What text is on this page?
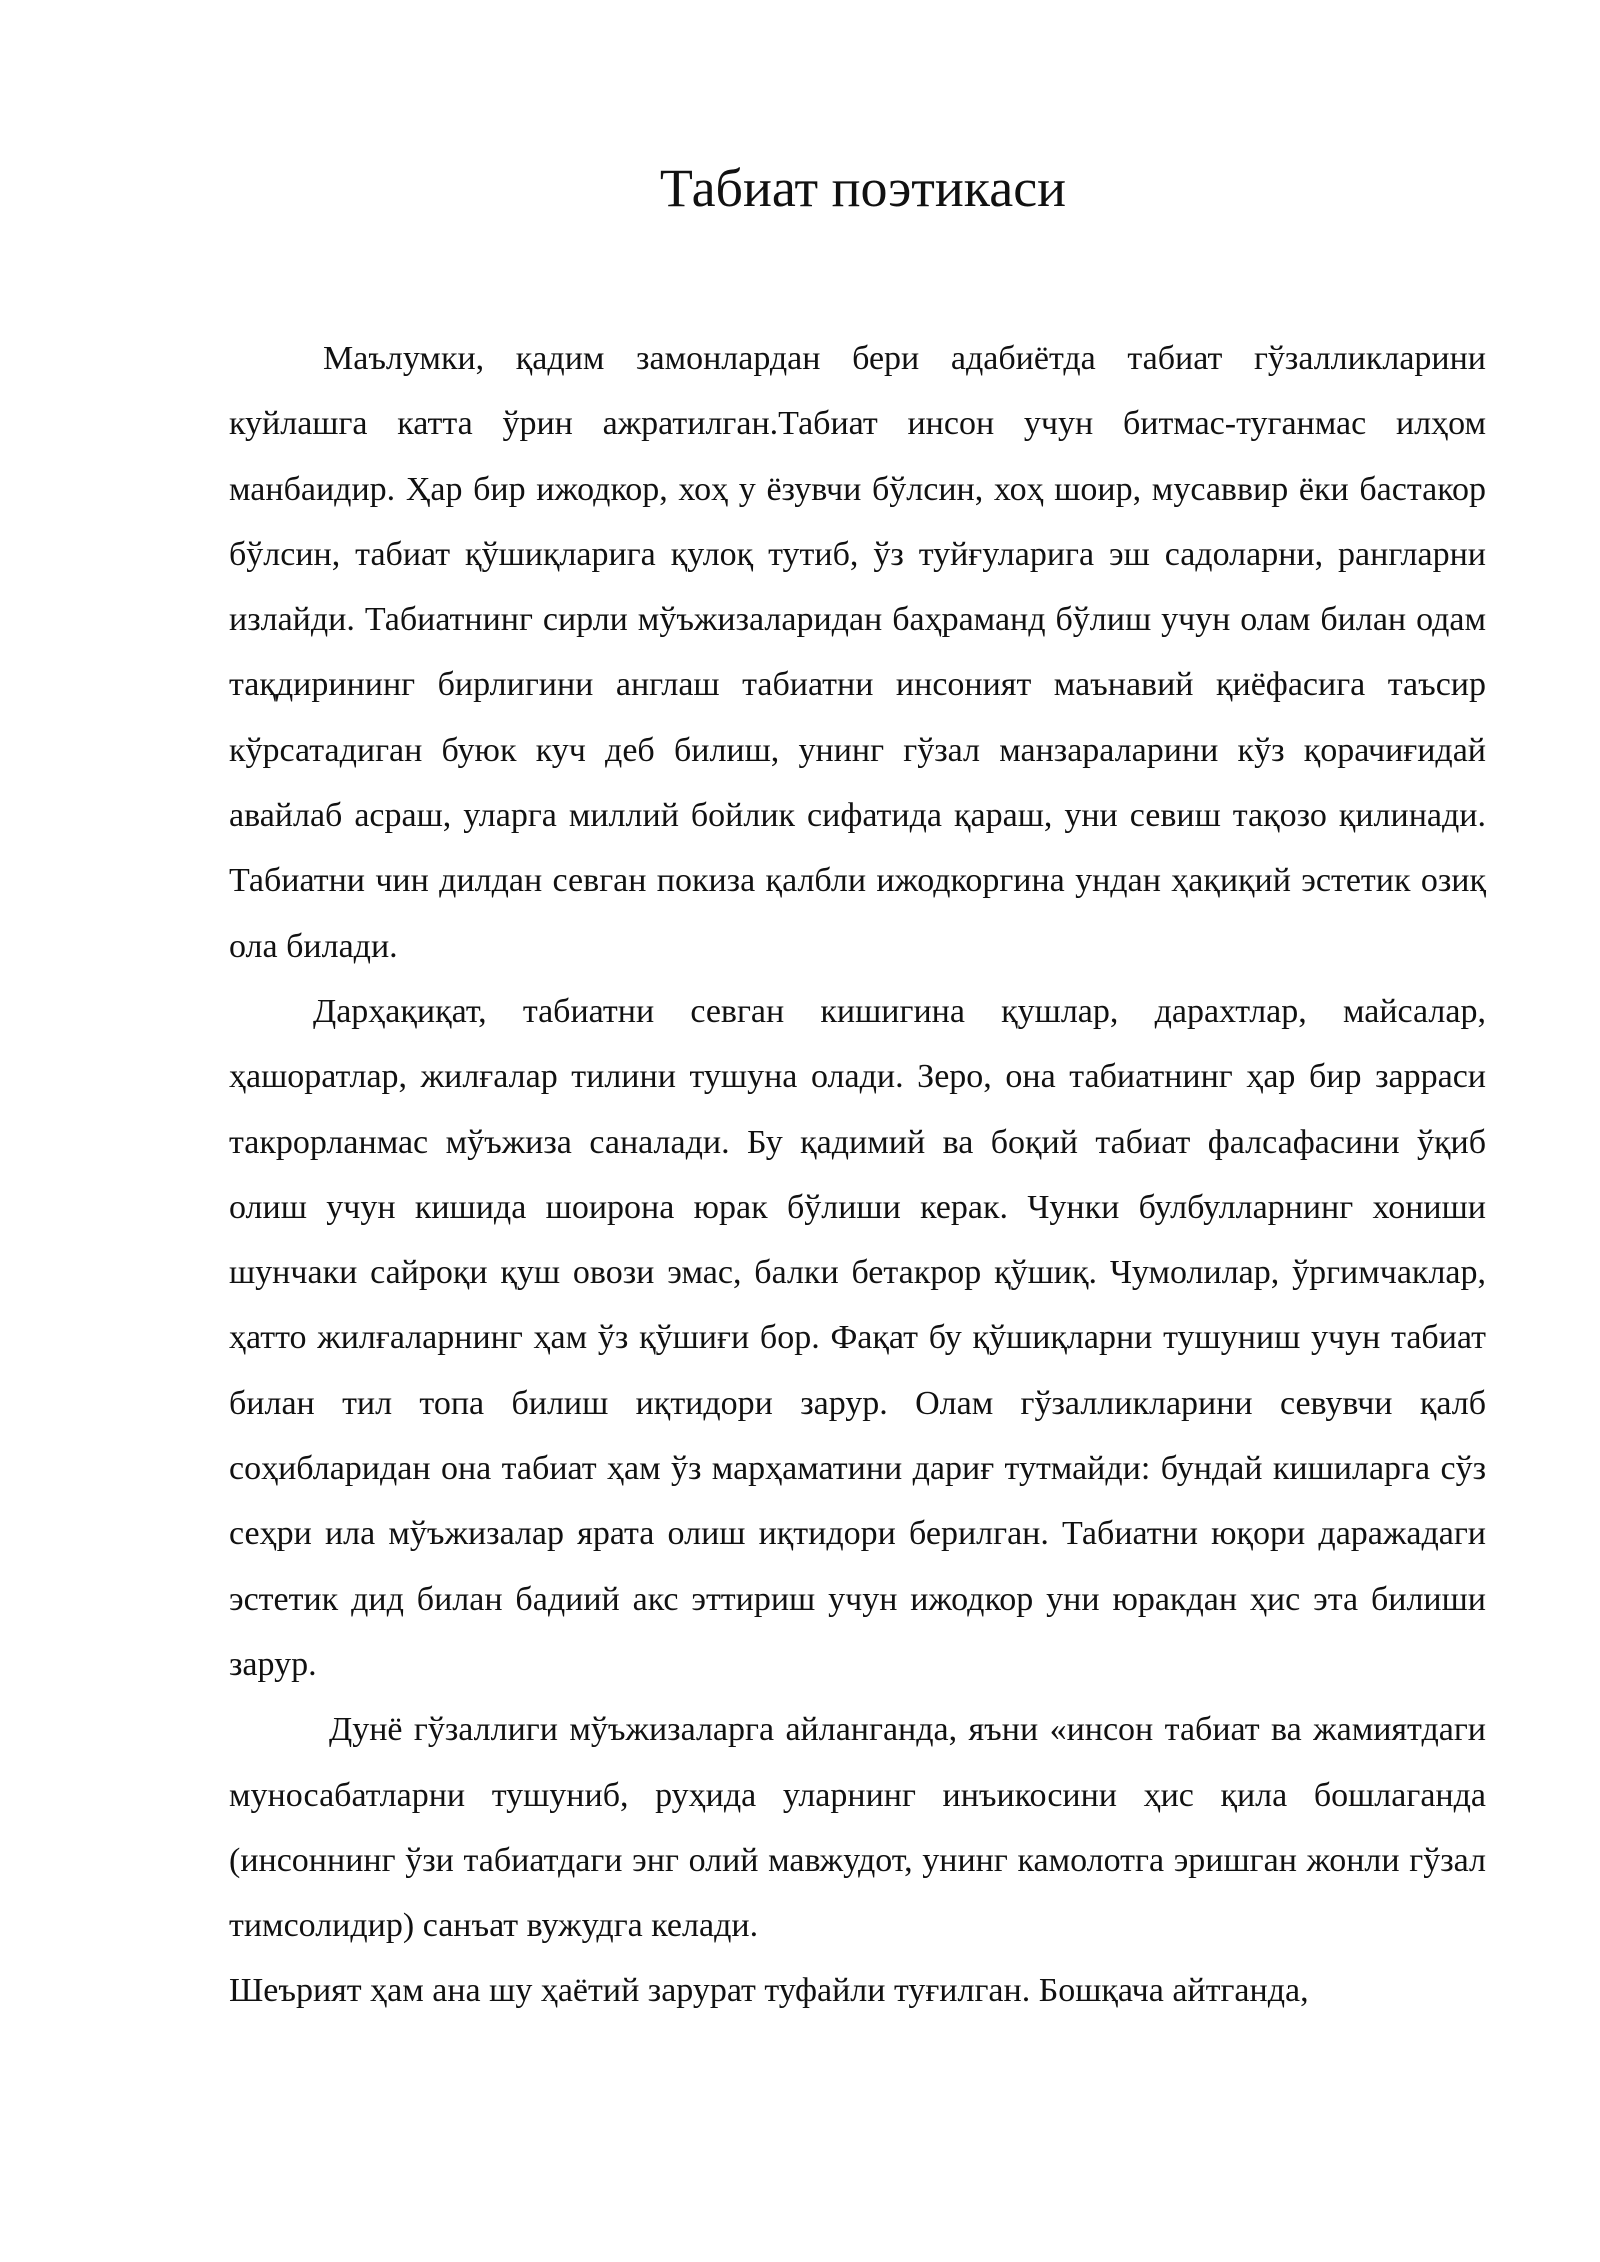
Табиат поэтикаси

Маълумки, қадим замонлардан бери адабиётда табиат гўзалликларини куйлашга катта ўрин ажратилган.Табиат инсон учун битмас-туганмас илҳом манбаидир. Ҳар бир ижодкор, хоҳ у ёзувчи бўлсин, хоҳ шоир, мусаввир ёки бастакор бўлсин, табиат қўшиқларига қулоқ тутиб, ўз туйғуларига эш садоларни, рангларни излайди. Табиатнинг сирли мўъжизаларидан баҳраманд бўлиш учун олам билан одам тақдирининг бирлигини англаш табиатни инсоният маънавий қиёфасига таъсир кўрсатадиган буюк куч деб билиш, унинг гўзал манзараларини кўз қорачиғидай авайлаб асраш, уларга миллий бойлик сифатида қараш, уни севиш тақозо қилинади. Табиатни чин дилдан севган покиза қалбли ижодкоргина ундан ҳақиқий эстетик озиқ ола билади.

Дарҳақиқат, табиатни севган кишигина қушлар, дарахтлар, майсалар, ҳашоратлар, жилғалар тилини тушуна олади. Зеро, она табиатнинг ҳар бир зарраси такрорланмас мўъжиза саналади. Бу қадимий ва боқий табиат фалсафасини ўқиб олиш учун кишида шоирона юрак бўлиши керак. Чунки булбулларнинг хониши шунчаки сайроқи қуш овози эмас, балки бетакрор қўшиқ. Чумолилар, ўргимчаклар, ҳатто жилғаларнинг ҳам ўз қўшиғи бор. Фақат бу қўшиқларни тушуниш учун табиат билан тил топа билиш иқтидори зарур. Олам гўзалликларини севувчи қалб соҳибларидан она табиат ҳам ўз марҳаматини дариғ тутмайди: бундай кишиларга сўз сеҳри ила мўъжизалар ярата олиш иқтидори берилган. Табиатни юқори даражадаги эстетик дид билан бадиий акс эттириш учун ижодкор уни юракдан ҳис эта билиши зарур.

Дунё гўзаллиги мўъжизаларга айланганда, яъни «инсон табиат ва жамиятдаги муносабатларни тушуниб, руҳида уларнинг инъикосини ҳис қила бошлаганда (инсоннинг ўзи табиатдаги энг олий мавжудот, унинг камолотга эришган жонли гўзал тимсолидир) санъат вужудга келади.

Шеърият ҳам ана шу ҳаётий зарурат туфайли туғилган. Бошқача айтганда,
